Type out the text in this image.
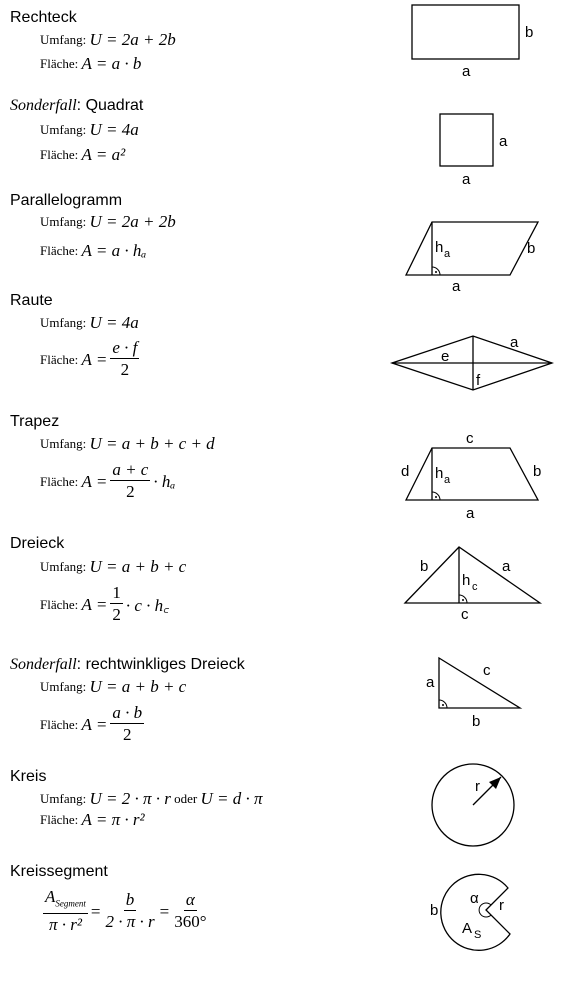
Rechteck
Umfang:
U = 2a + 2b
Fläche:
A = a · b	a
b
Sonderfall: Quadrat
Umfang:
U = 4a
Fläche:
A = a²
a
a
Parallelogramm
Umfang:
U = 2a + 2b
Fläche:
A = a · hₐ	h a
a
b
Raute
Umfang:
U = 4a
Fläche:
$A = \frac{e \cdot f}{2}$	e
f
a
Trapez
Umfang:
U = a + b + c + d
Fläche:
$A = \frac{a + c}{2} \cdot h_a$
c
d h a	b
a
Dreieck
Umfang:
U = a + b + c
Fläche:
$A = \frac{1}{2} \cdot c$ · h꜀
b	a
h c
c
Sonderfall: rechtwinkliges Dreieck
Umfang:
U = a + b + c
Fläche:
$A = \frac{a \cdot b}{2}$
a
c
b
Kreis
Umfang:
U = 2 · π · r
oder
U = d · π
Fläche:
A = π · r²
r
Kreissegment
$\frac{A_{Segment}}{\text{π · r²}} = \frac{b}{2 \cdot \pi \cdot r} = \frac{\alpha}{360^\circ}$	b
α r
A S
